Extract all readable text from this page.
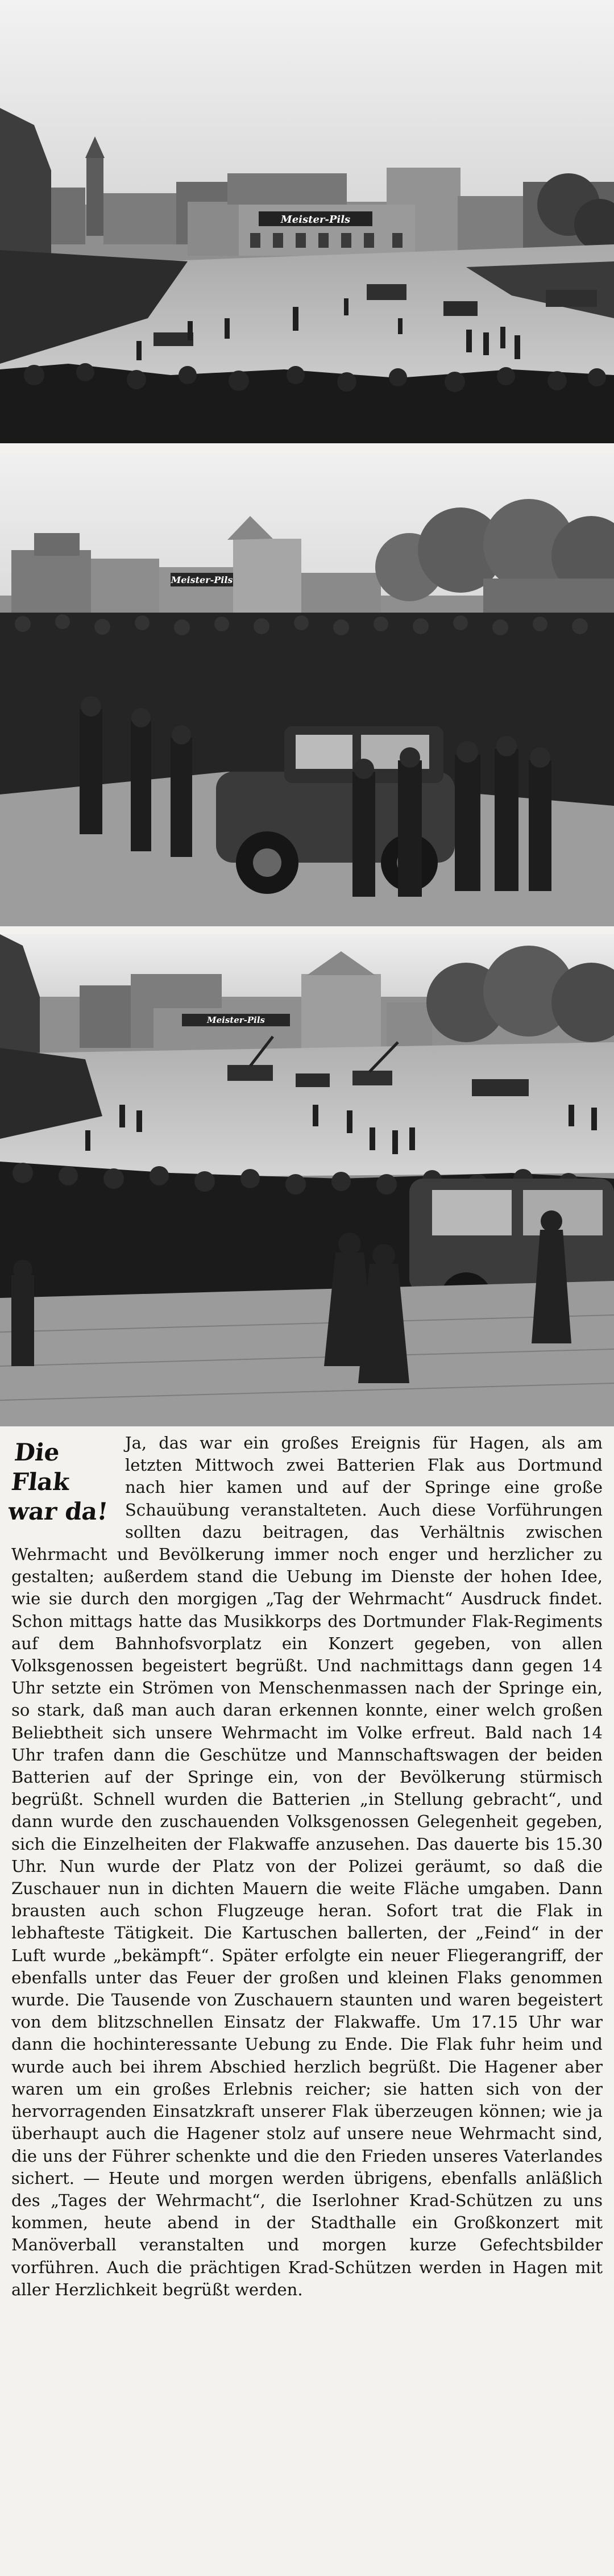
Meister-Pils
Meister-Pils
Meister-Pils
Die Flak war da!

Ja, das war ein großes Ereignis für Hagen, als am letzten Mittwoch zwei Batterien Flak aus Dortmund nach hier kamen und auf der Springe eine große Schauübung veranstalteten. Auch diese Vorführungen sollten dazu beitragen, das Verhältnis zwischen Wehrmacht und Bevölkerung immer noch enger und herzlicher zu gestalten; außerdem stand die Uebung im Dienste der hohen Idee, wie sie durch den morgigen „Tag der Wehrmacht“ Ausdruck findet. Schon mittags hatte das Musikkorps des Dortmunder Flak-Regiments auf dem Bahnhofsvorplatz ein Konzert gegeben, von allen Volksgenossen begeistert begrüßt. Und nachmittags dann gegen 14 Uhr setzte ein Strömen von Menschenmassen nach der Springe ein, so stark, daß man auch daran erkennen konnte, einer welch großen Beliebtheit sich unsere Wehrmacht im Volke erfreut. Bald nach 14 Uhr trafen dann die Geschütze und Mannschaftswagen der beiden Batterien auf der Springe ein, von der Bevölkerung stürmisch begrüßt. Schnell wurden die Batterien „in Stellung gebracht“, und dann wurde den zuschauenden Volksgenossen Gelegenheit gegeben, sich die Einzelheiten der Flakwaffe anzusehen. Das dauerte bis 15.30 Uhr. Nun wurde der Platz von der Polizei geräumt, so daß die Zuschauer nun in dichten Mauern die weite Fläche umgaben. Dann brausten auch schon Flugzeuge heran. Sofort trat die Flak in lebhafteste Tätigkeit. Die Kartuschen ballerten, der „Feind“ in der Luft wurde „bekämpft“. Später erfolgte ein neuer Fliegerangriff, der ebenfalls unter das Feuer der großen und kleinen Flaks genommen wurde. Die Tausende von Zuschauern staunten und waren begeistert von dem blitzschnellen Einsatz der Flakwaffe. Um 17.15 Uhr war dann die hochinteressante Uebung zu Ende. Die Flak fuhr heim und wurde auch bei ihrem Abschied herzlich begrüßt. Die Hagener aber waren um ein großes Erlebnis reicher; sie hatten sich von der hervorragenden Einsatzkraft unserer Flak überzeugen können; wie ja überhaupt auch die Hagener stolz auf unsere neue Wehrmacht sind, die uns der Führer schenkte und die den Frieden unseres Vaterlandes sichert. — Heute und morgen werden übrigens, ebenfalls anläßlich des „Tages der Wehrmacht“, die Iserlohner Krad-Schützen zu uns kommen, heute abend in der Stadthalle ein Großkonzert mit Manöverball veranstalten und morgen kurze Gefechtsbilder vorführen. Auch die prächtigen Krad-Schützen werden in Hagen mit aller Herzlichkeit begrüßt werden.
